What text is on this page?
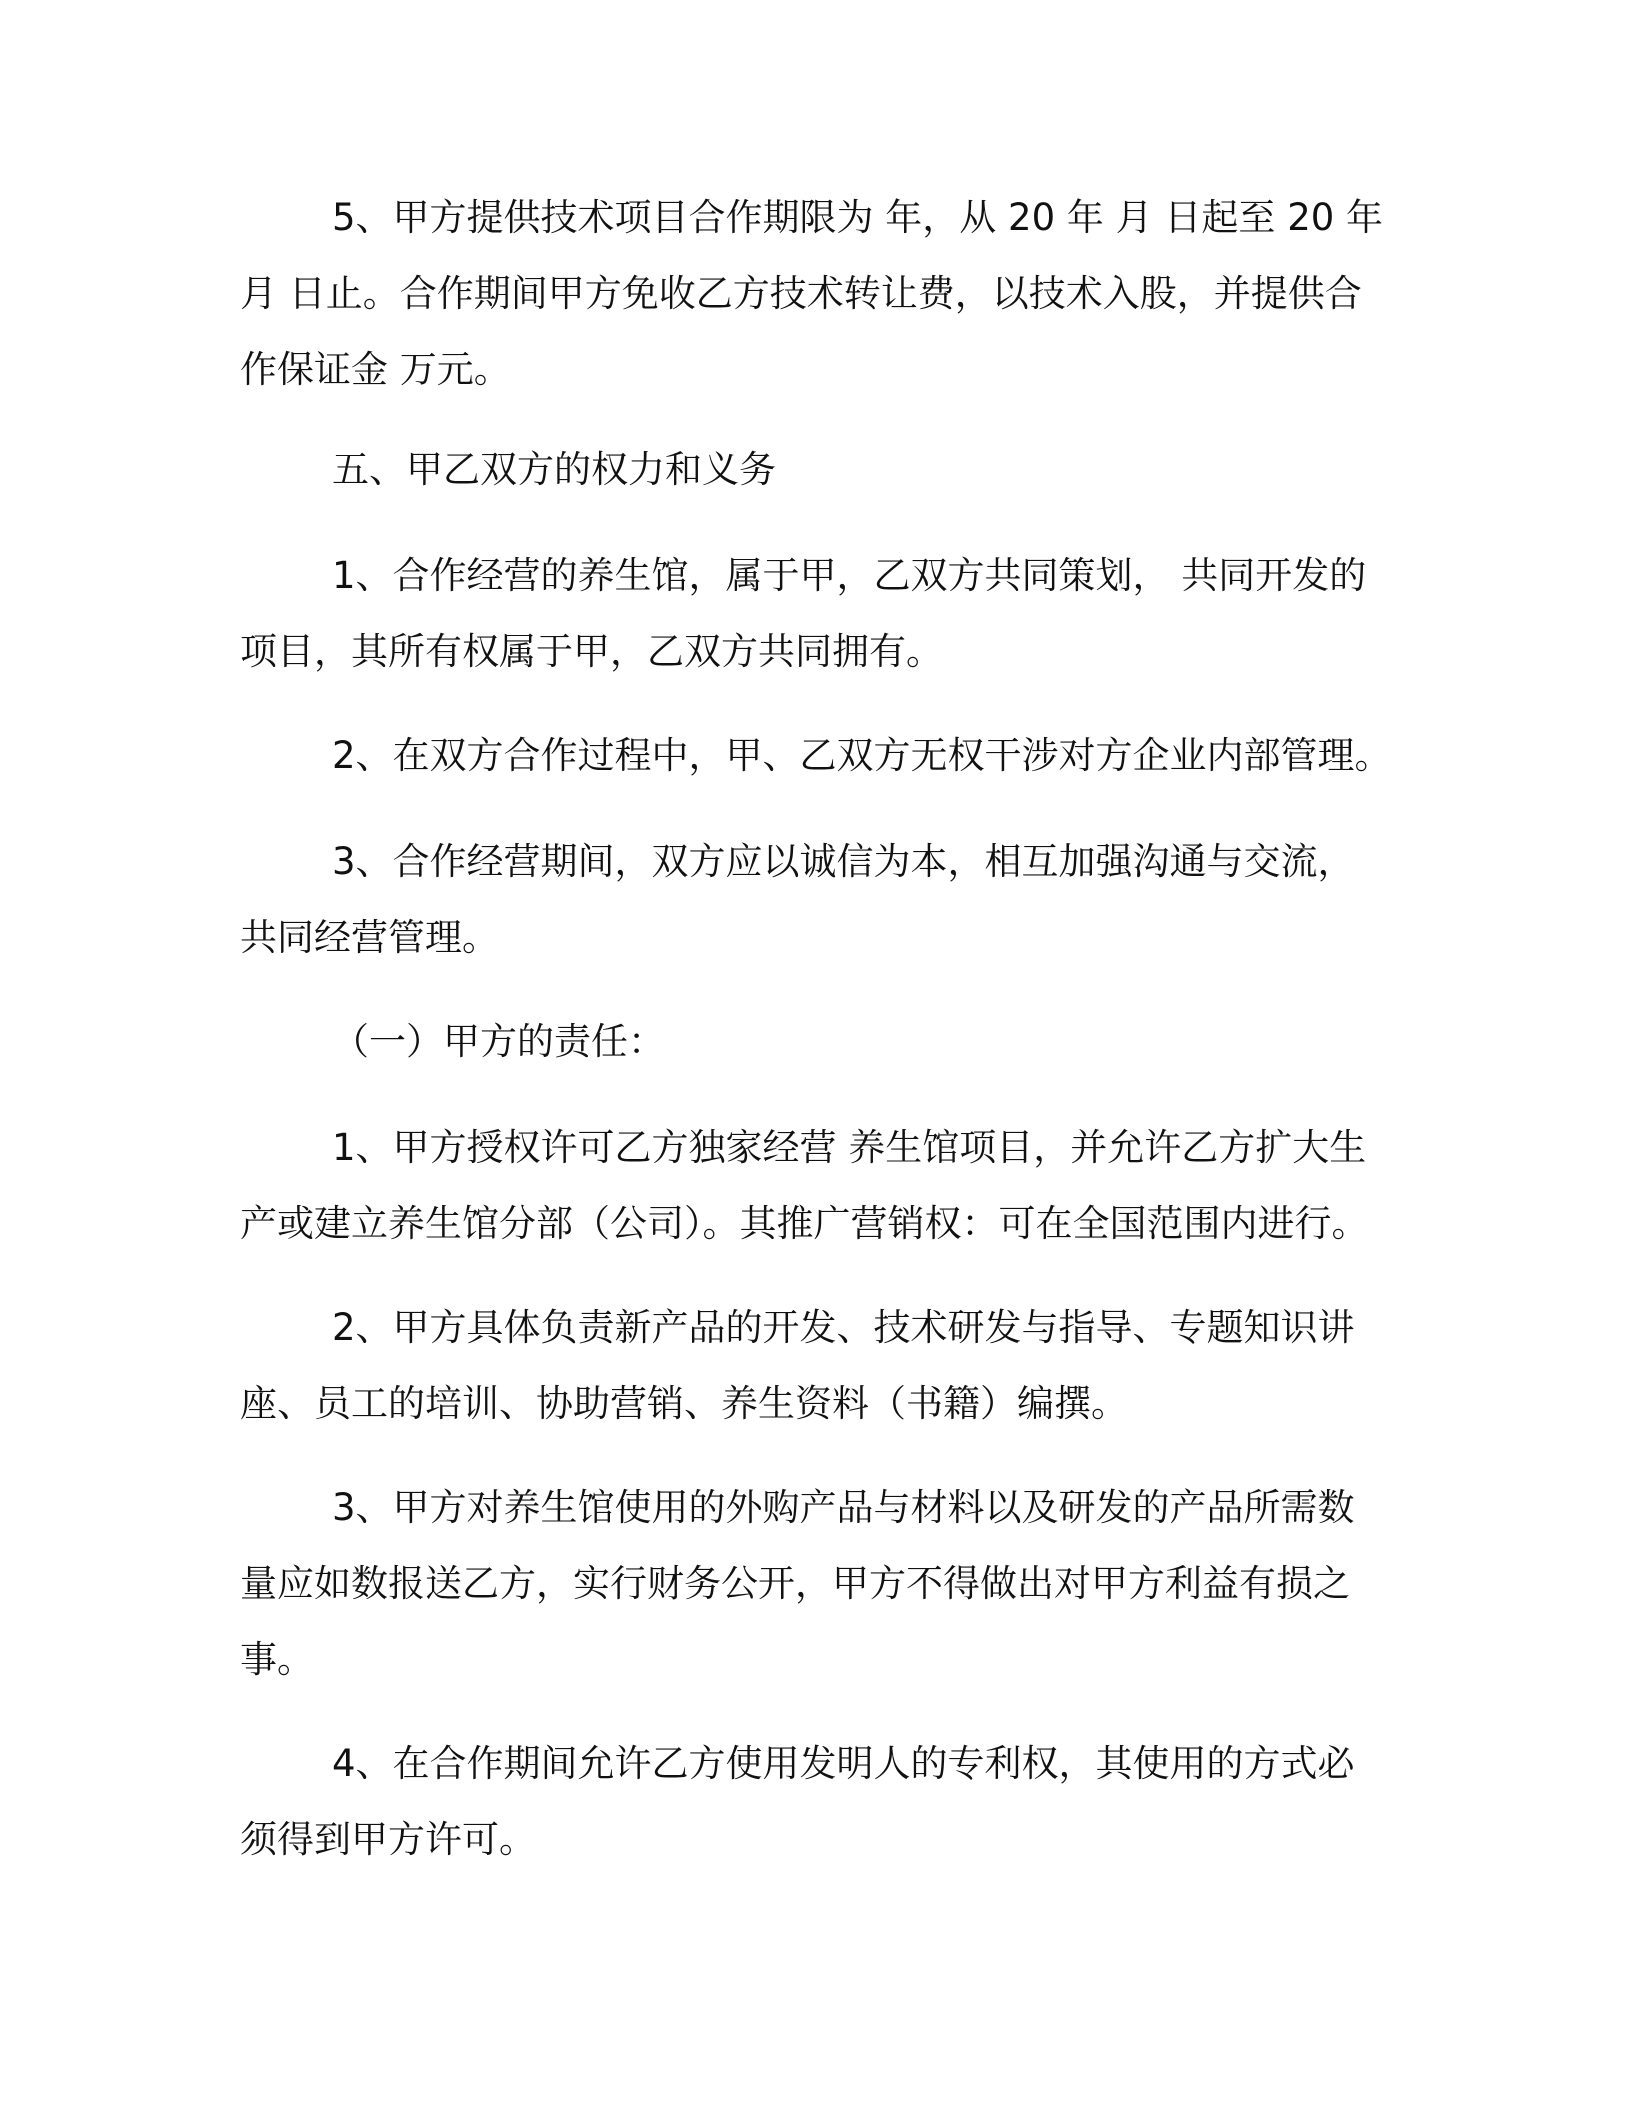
5、甲方提供技术项目合作期限为 年，从 20 年 月 日起至 20 年
月 日止。合作期间甲方免收乙方技术转让费，以技术入股，并提供合
作保证金 万元。
五、甲乙双方的权力和义务
1、合作经营的养生馆，属于甲，乙双方共同策划， 共同开发的
项目，其所有权属于甲，乙双方共同拥有。
2、在双方合作过程中，甲、乙双方无权干涉对方企业内部管理。
3、合作经营期间，双方应以诚信为本，相互加强沟通与交流，
共同经营管理。
（一）甲方的责任：
1、甲方授权许可乙方独家经营 养生馆项目，并允许乙方扩大生
产或建立养生馆分部（公司）。其推广营销权：可在全国范围内进行。
2、甲方具体负责新产品的开发、技术研发与指导、专题知识讲
座、员工的培训、协助营销、养生资料（书籍）编撰。
3、甲方对养生馆使用的外购产品与材料以及研发的产品所需数
量应如数报送乙方，实行财务公开，甲方不得做出对甲方利益有损之
事。
4、在合作期间允许乙方使用发明人的专利权，其使用的方式必
须得到甲方许可。
